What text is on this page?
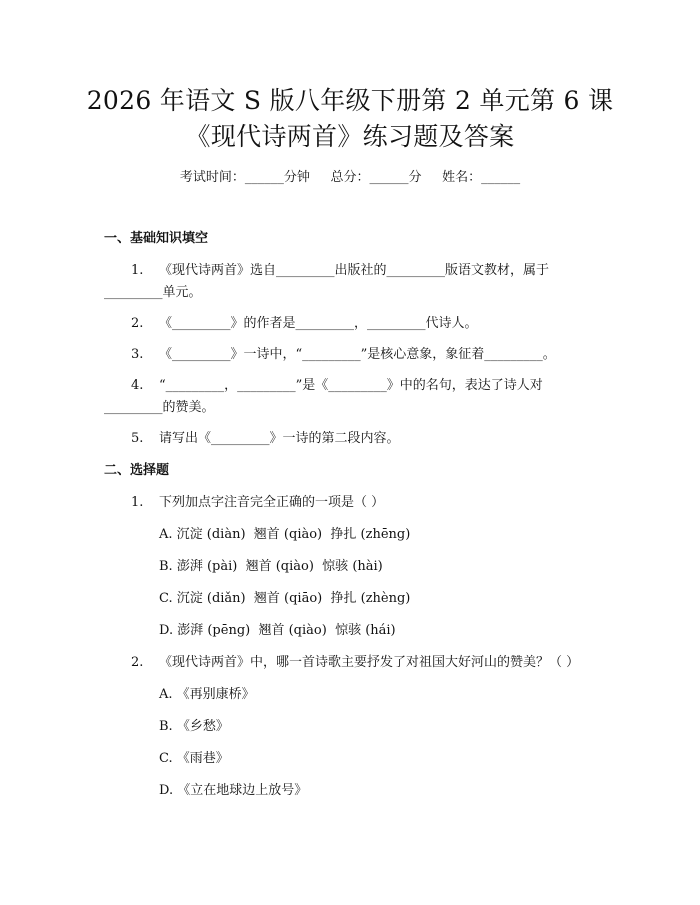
2026 年语文 S 版八年级下册第 2 单元第 6 课
《现代诗两首》练习题及答案
考试时间：______分钟     总分：______分     姓名：______
一、基础知识填空
1. 《现代诗两首》选自_________出版社的_________版语文教材，属于
_________单元。
2. 《_________》的作者是_________，_________代诗人。
3. 《_________》一诗中，“_________”是核心意象，象征着_________。
4. “_________，_________”是《_________》中的名句，表达了诗人对
_________的赞美。
5. 请写出《_________》一诗的第二段内容。
二、选择题
1. 下列加点字注音完全正确的一项是（ ）
A. 沉淀 (diàn)  翘首 (qiào)  挣扎 (zhēng)
B. 澎湃 (pài)  翘首 (qiào)  惊骇 (hài)
C. 沉淀 (diǎn)  翘首 (qiāo)  挣扎 (zhèng)
D. 澎湃 (pēng)  翘首 (qiào)  惊骇 (hái)
2. 《现代诗两首》中，哪一首诗歌主要抒发了对祖国大好河山的赞美？（ ）
A. 《再别康桥》
B. 《乡愁》
C. 《雨巷》
D. 《立在地球边上放号》
